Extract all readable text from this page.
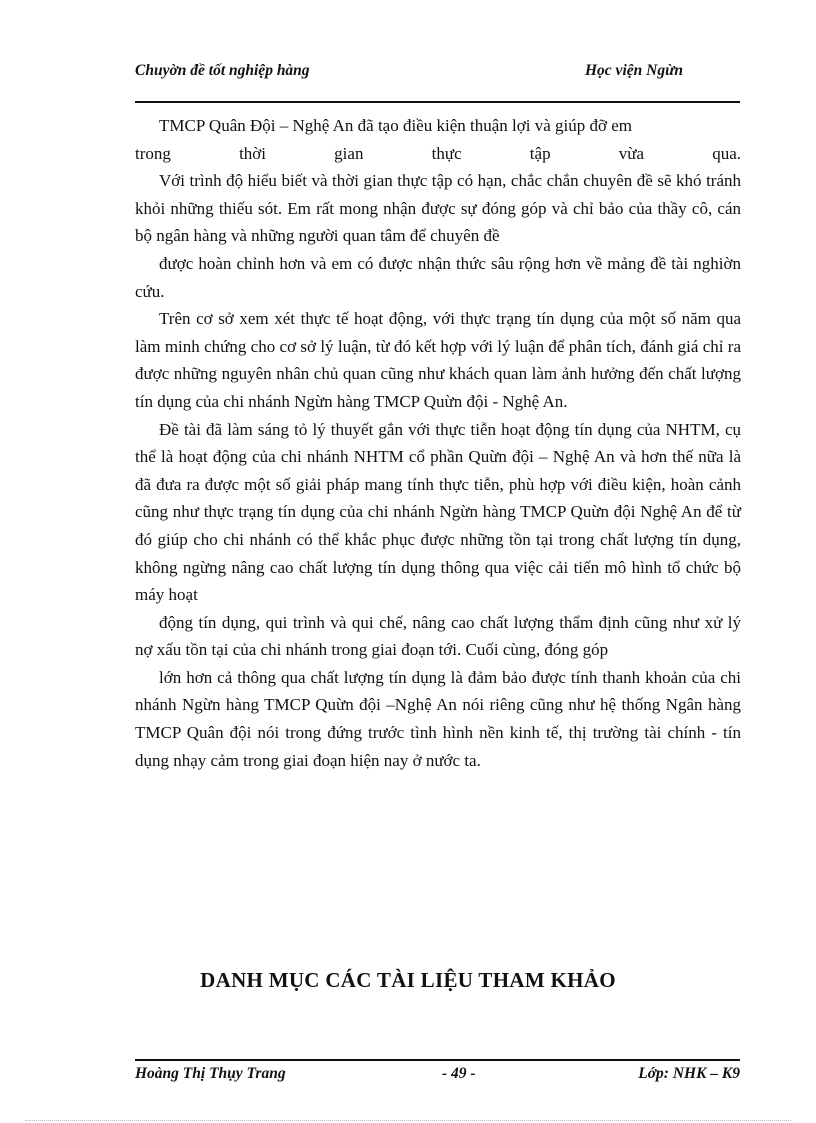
Chuyờn đề tốt nghiệp hàng	Học viện Ngừn

TMCP Quân Đội – Nghệ An đã tạo điều kiện thuận lợi và giúp đỡ em

trong thời gian thực tập vừa qua.

Với trình độ hiểu biết và thời gian thực tập có hạn, chắc chắn chuyên đề sẽ khó tránh khỏi những thiếu sót. Em rất mong nhận được sự đóng góp và chỉ bảo của thầy cô, cán bộ ngân hàng và những người quan tâm để chuyên đề

được hoàn chỉnh hơn và em có được nhận thức sâu rộng hơn về mảng đề tài nghiờn cứu.

Trên cơ sở xem xét thực tế hoạt động, với thực trạng tín dụng của một số năm qua làm minh chứng cho cơ sở lý luận, từ đó kết hợp với lý luận để phân tích, đánh giá chỉ ra được những nguyên nhân chủ quan cũng như khách quan làm ảnh hưởng đến chất lượng tín dụng của chi nhánh Ngừn hàng TMCP Quừn đội - Nghệ An.

Đề tài đã làm sáng tỏ lý thuyết gắn với thực tiễn hoạt động tín dụng của NHTM, cụ thể là hoạt động của chi nhánh NHTM cổ phần Quừn đội – Nghệ An và hơn thế nữa là đã đưa ra được một số giải pháp mang tính thực tiễn, phù hợp với điều kiện, hoàn cảnh cũng như thực trạng tín dụng của chi nhánh Ngừn hàng TMCP Quừn đội Nghệ An để từ đó giúp cho chi nhánh có thể khắc phục được những tồn tại trong chất lượng tín dụng, không ngừng nâng cao chất lượng tín dụng thông qua việc cải tiến mô hình tổ chức bộ máy hoạt

động tín dụng, qui trình và qui chế, nâng cao chất lượng thẩm định cũng như xử lý nợ xấu tồn tại của chi nhánh trong giai đoạn tới. Cuối cùng, đóng góp

lớn hơn cả thông qua chất lượng tín dụng là đảm bảo được tính thanh khoản của chi nhánh Ngừn hàng TMCP Quừn đội –Nghệ An nói riêng cũng như hệ thống Ngân hàng TMCP Quân đội nói trong đứng trước tình hình nền kinh tế, thị trường tài chính - tín dụng nhạy cảm trong giai đoạn hiện nay ở nước ta.

DANH MỤC CÁC TÀI LIỆU THAM KHẢO
Hoàng Thị Thụy Trang	- 49 -	Lớp: NHK – K9
